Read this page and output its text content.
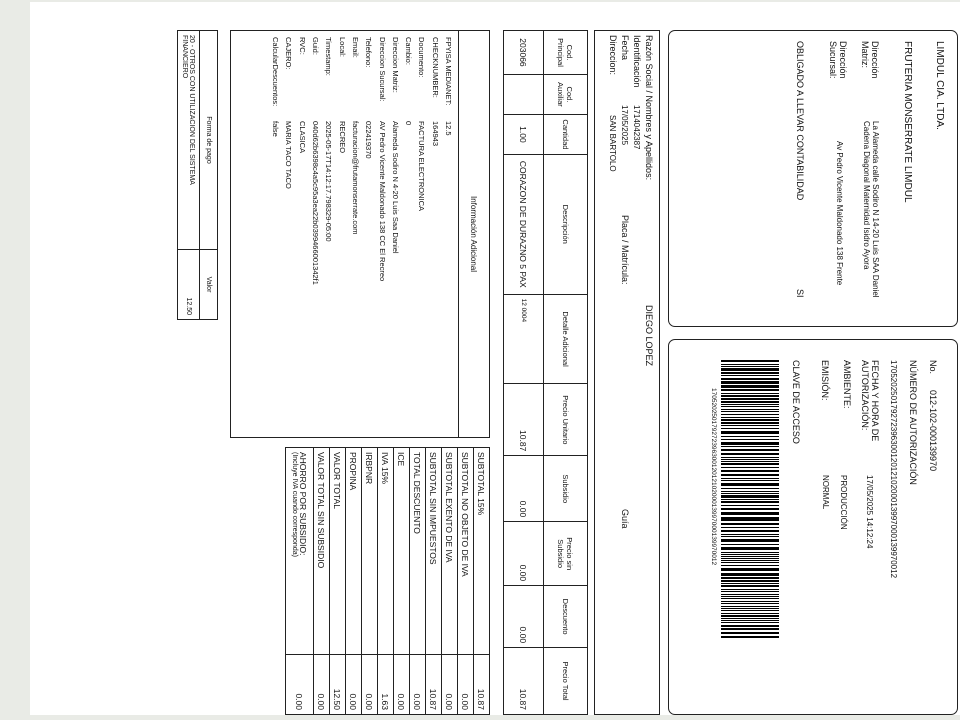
LIMDUL CIA. LTDA.
FRUTERIA MONSERRATE LIMDUL
Dirección Matriz:
La Alameda calle Sodiro N 14-20 Luis SAA Daniel
Cadena Diagonal Maternidad Isidro Ayora
Dirección Sucursal:
Av Pedro Vicente Maldonado 138 Frente
OBLIGADO A LLEVAR CONTABILIDAD
SI
No.
012-102-000139970
NÚMERO DE AUTORIZACIÓN
1705202501792723963001201210200013997000139970012
FECHA Y HORA DE AUTORIZACIÓN:
17/05/2025 14:12:24
AMBIENTE:
PRODUCCIÓN
EMISIÓN:
NORMAL
CLAVE DE ACCESO
1705202501792723963001201210200013997000139970012
Razón Social / Nombres y Apellidos:
DIEGO LOPEZ
Identificación
1714042387
Placa / Matrícula:
Fecha
17/05/2025
Guía
Direccion:
SAN BARTOLO
Cod. Principal	Cod. Auxiliar	Cantidad	Descripción	Detalle Adicional	Precio Unitario	Subsidio	Precio sin Subsidio	Descuento	Precio Total
203066		1.00	CORAZON DE DURAZNO 5 PAX	12 0004	10.87	0.00	0.00	0.00	10.87
Información Adicional
FPYISA MEDIANET:
12.5
CHECKNUMBER:
164943
Documento:
FACTURA ELECTRONICA
Cambio:
0
Direccion Matriz:
Alameda Sodiro N 4-20 Luis Saa Daniel
Direccion Sucursal:
AV Pedro Vicente Maldonado 138 CC El Recreo
Telefono:
022419370
Email:
facturacion@frutamonserrate.com
Local:
RECREO
Timestamp:
2025-05-17T14:12:17.798329-05:00
Guid:
040d62b6398c4a5c95a3ea22b0399466001342f1
RVC:
CLASICA
CAJERO:
MARIA TACO TACO
CalcularDescuentos:
false
SUBTOTAL 15%	10.87

SUBTOTAL NO OBJETO DE IVA	0.00

SUBTOTAL EXENTO DE IVA	0.00

SUBTOTAL SIN IMPUESTOS	10.87

TOTAL DESCUENTO	0.00

ICE	0.00

IVA 15%	1.63

IRBPNR	0.00

PROPINA	0.00

VALOR TOTAL	12.50

VALOR TOTAL SIN SUBSIDIO	0.00

AHORRO POR SUBSIDIO:
(Incluye IVA cuando corresponda)	0.00
Forma de pago	Valor

20 - OTROS CON UTILIZACION DEL SISTEMA
FINANCIERO	12.50
